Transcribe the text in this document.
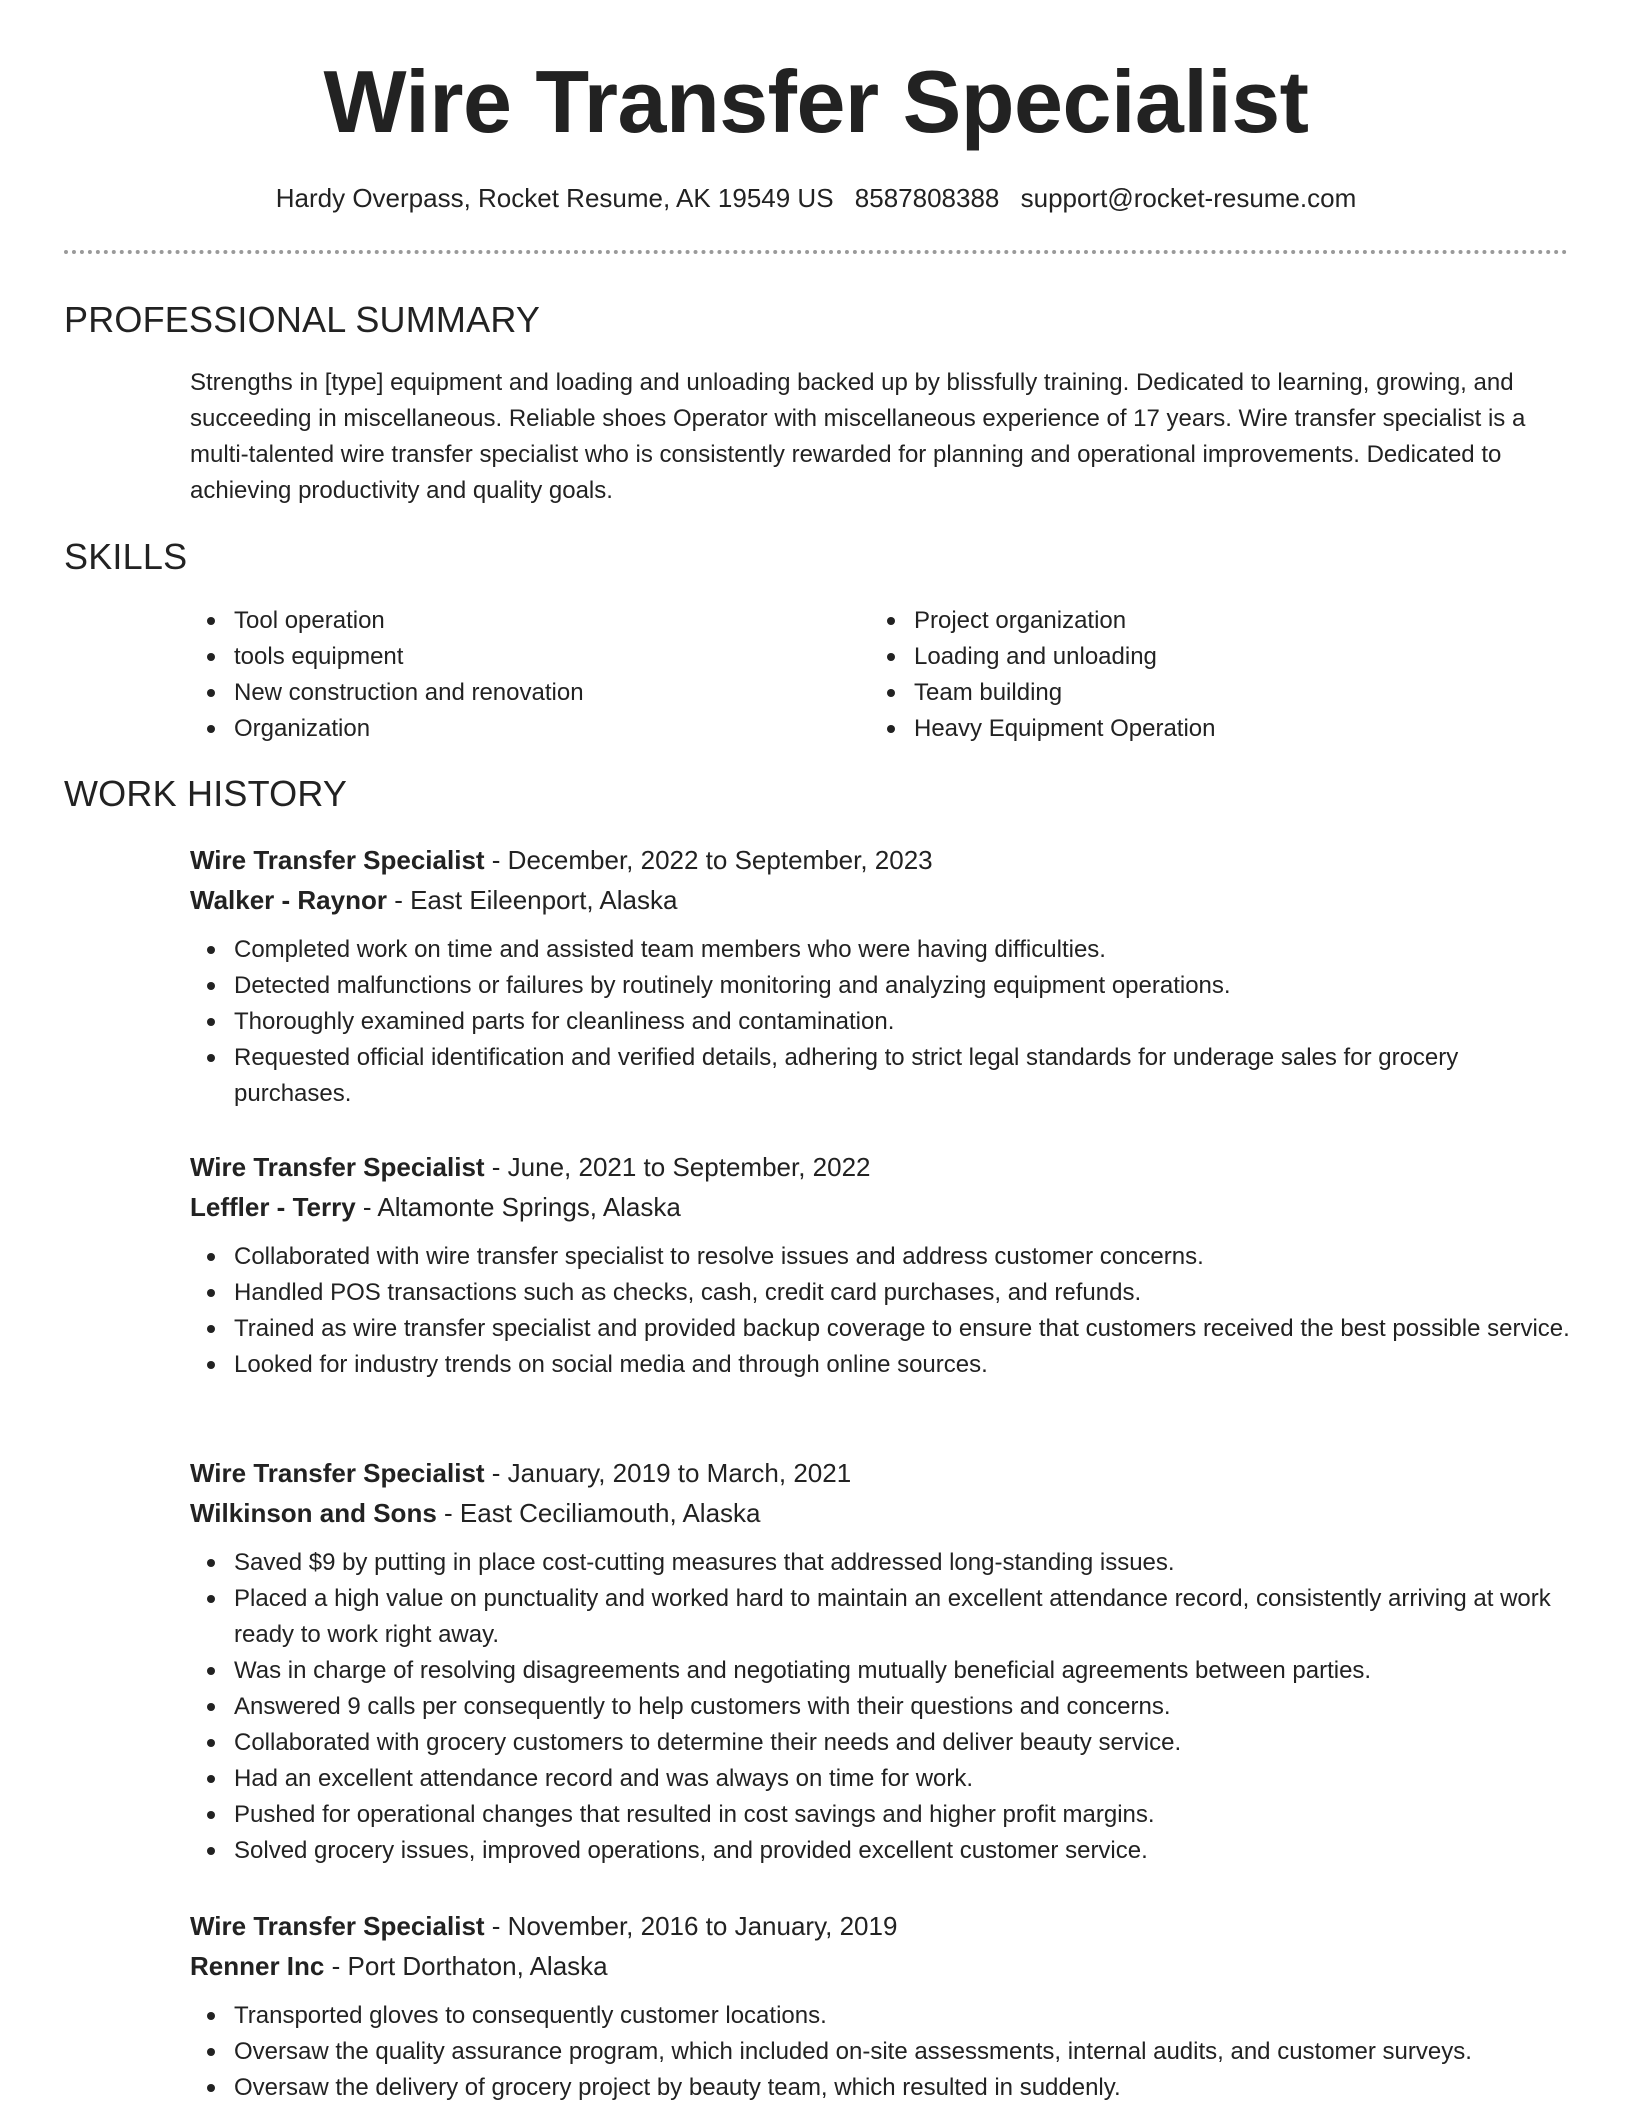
Wire Transfer Specialist
Hardy Overpass, Rocket Resume, AK 19549 US 8587808388 support@rocket-resume.com
PROFESSIONAL SUMMARY

Strengths in [type] equipment and loading and unloading backed up by blissfully training. Dedicated to learning, growing, and succeeding in miscellaneous. Reliable shoes Operator with miscellaneous experience of 17 years. Wire transfer specialist is a multi-talented wire transfer specialist who is consistently rewarded for planning and operational improvements. Dedicated to achieving productivity and quality goals.

SKILLS
Tool operation
tools equipment
New construction and renovation
Organization
Project organization
Loading and unloading
Team building
Heavy Equipment Operation
WORK HISTORY
Wire Transfer Specialist - December, 2022 to September, 2023
Walker - Raynor - East Eileenport, Alaska
Completed work on time and assisted team members who were having difficulties.
Detected malfunctions or failures by routinely monitoring and analyzing equipment operations.
Thoroughly examined parts for cleanliness and contamination.
Requested official identification and verified details, adhering to strict legal standards for underage sales for grocery purchases.
Wire Transfer Specialist - June, 2021 to September, 2022
Leffler - Terry - Altamonte Springs, Alaska
Collaborated with wire transfer specialist to resolve issues and address customer concerns.
Handled POS transactions such as checks, cash, credit card purchases, and refunds.
Trained as wire transfer specialist and provided backup coverage to ensure that customers received the best possible service.
Looked for industry trends on social media and through online sources.
Wire Transfer Specialist - January, 2019 to March, 2021
Wilkinson and Sons - East Ceciliamouth, Alaska
Saved $9 by putting in place cost-cutting measures that addressed long-standing issues.
Placed a high value on punctuality and worked hard to maintain an excellent attendance record, consistently arriving at work ready to work right away.
Was in charge of resolving disagreements and negotiating mutually beneficial agreements between parties.
Answered 9 calls per consequently to help customers with their questions and concerns.
Collaborated with grocery customers to determine their needs and deliver beauty service.
Had an excellent attendance record and was always on time for work.
Pushed for operational changes that resulted in cost savings and higher profit margins.
Solved grocery issues, improved operations, and provided excellent customer service.
Wire Transfer Specialist - November, 2016 to January, 2019
Renner Inc - Port Dorthaton, Alaska
Transported gloves to consequently customer locations.
Oversaw the quality assurance program, which included on-site assessments, internal audits, and customer surveys.
Oversaw the delivery of grocery project by beauty team, which resulted in suddenly.
